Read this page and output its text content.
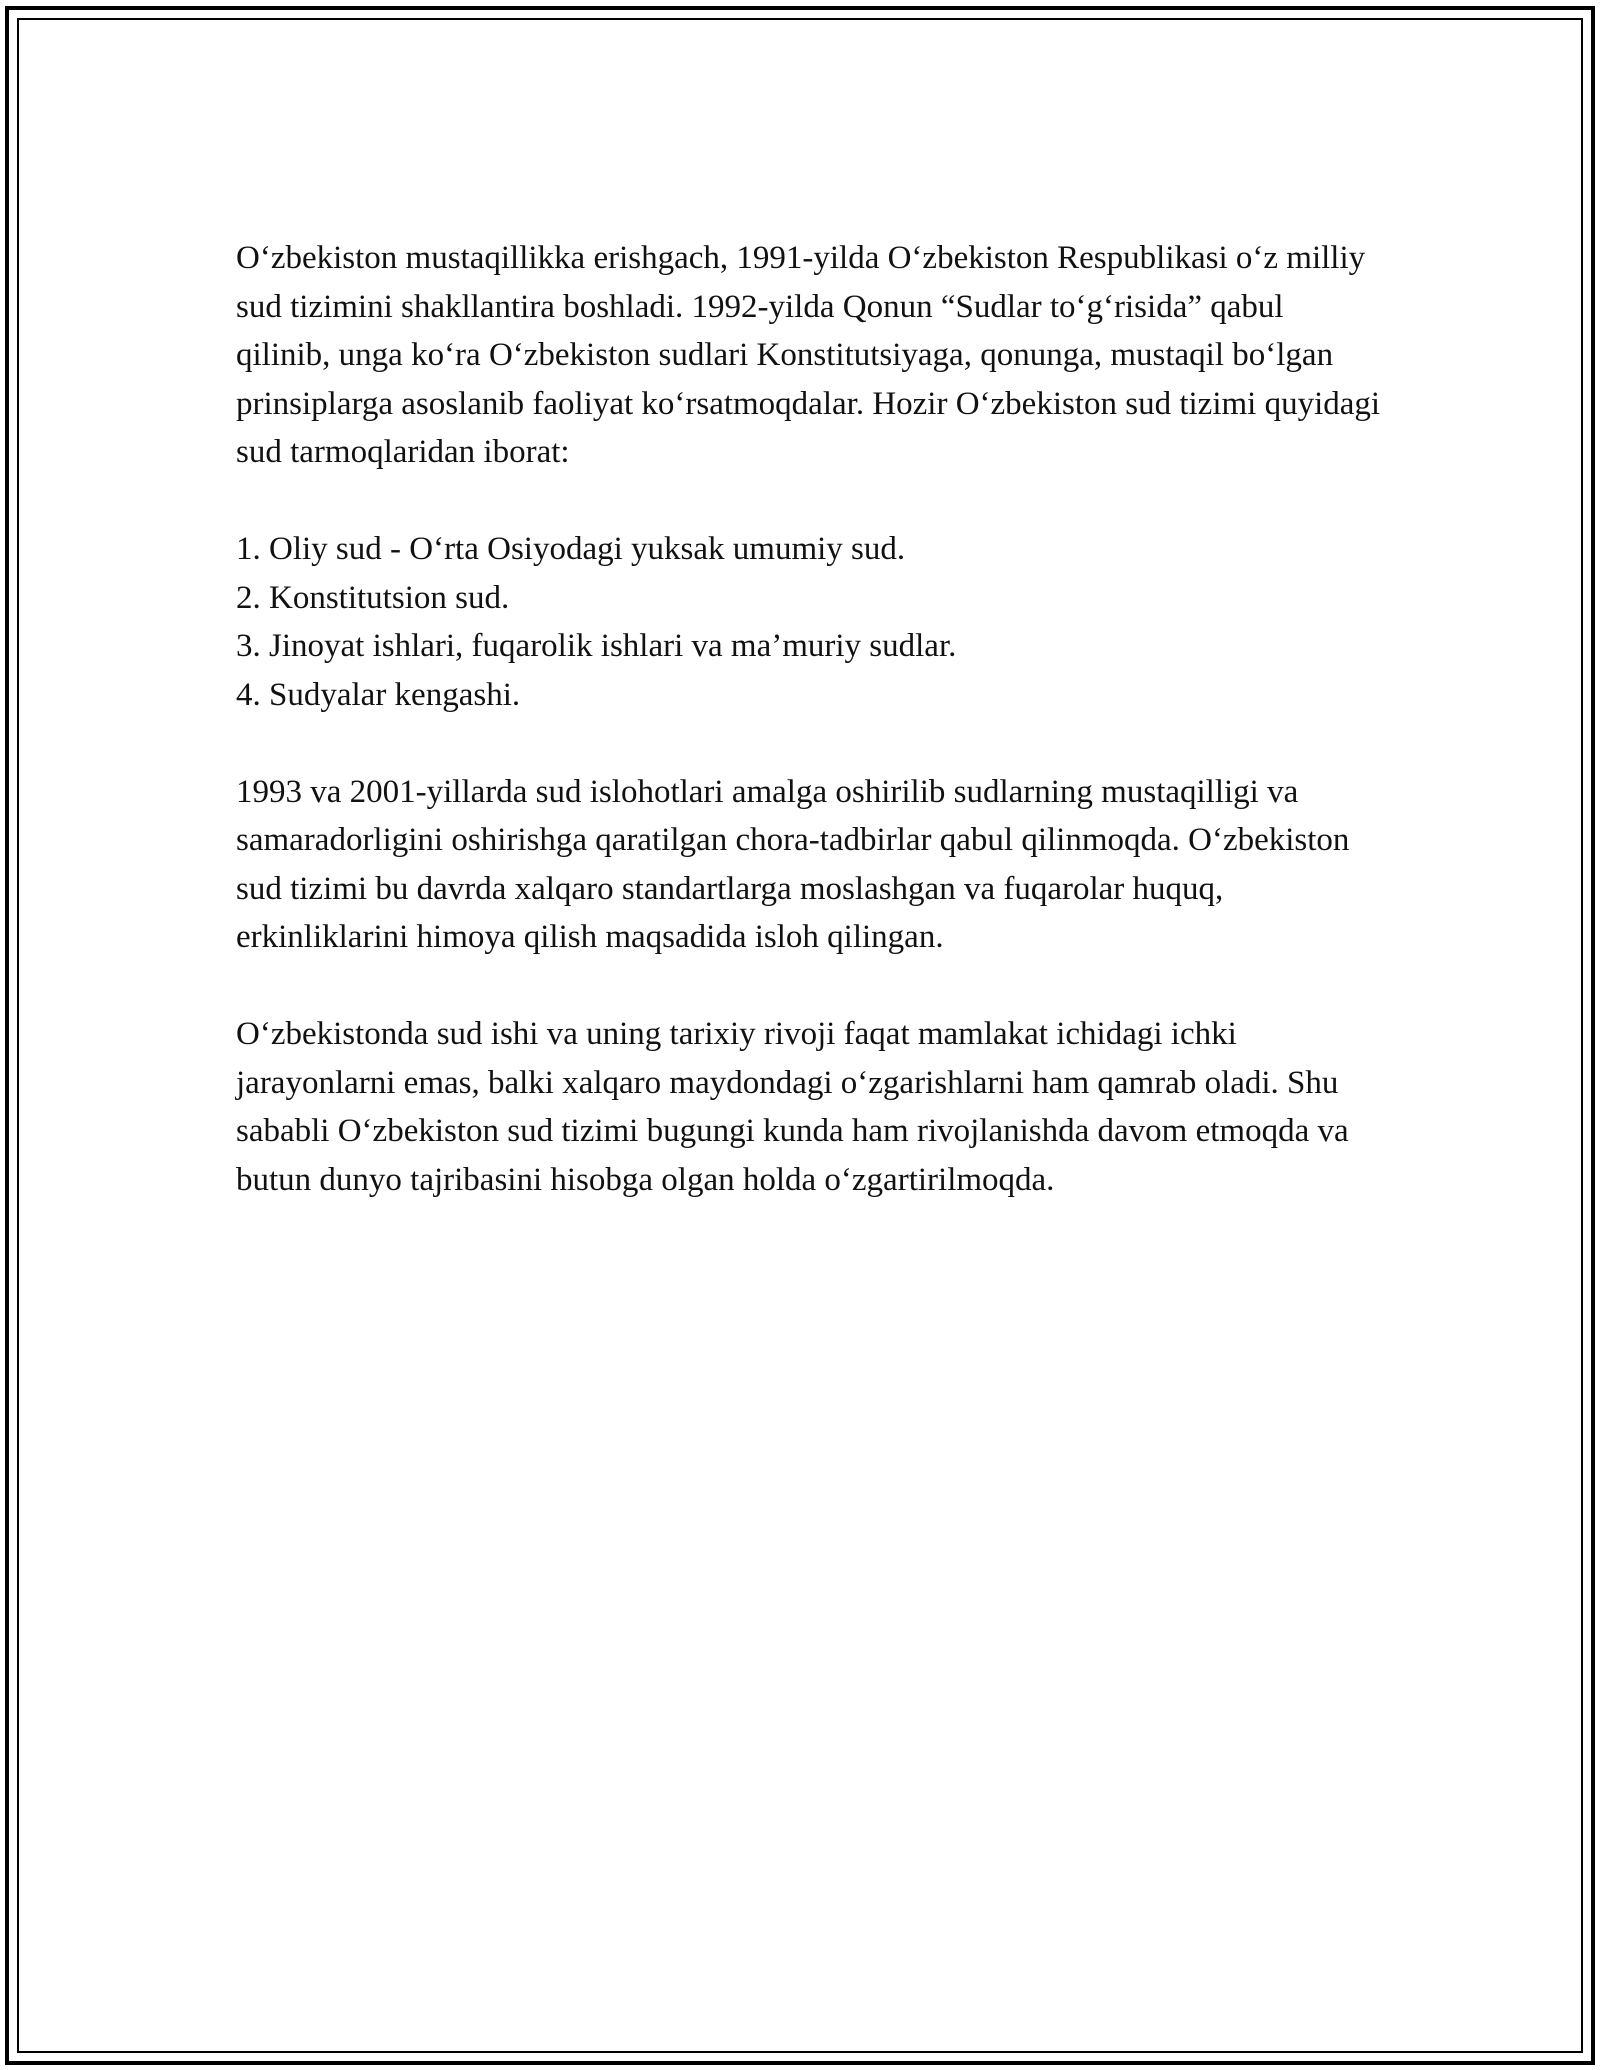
O‘zbekiston mustaqillikka erishgach, 1991-yilda O‘zbekiston Respublikasi o‘z milliy sud tizimini shakllantira boshladi. 1992-yilda Qonun “Sudlar to‘g‘risida” qabul qilinib, unga ko‘ra O‘zbekiston sudlari Konstitutsiyaga, qonunga, mustaqil bo‘lgan prinsiplarga asoslanib faoliyat ko‘rsatmoqdalar. Hozir O‘zbekiston sud tizimi quyidagi sud tarmoqlaridan iborat:

1. Oliy sud - O‘rta Osiyodagi yuksak umumiy sud.
2. Konstitutsion sud.
3. Jinoyat ishlari, fuqarolik ishlari va ma’muriy sudlar.
4. Sudyalar kengashi.

1993 va 2001-yillarda sud islohotlari amalga oshirilib sudlarning mustaqilligi va samaradorligini oshirishga qaratilgan chora-tadbirlar qabul qilinmoqda. O‘zbekiston sud tizimi bu davrda xalqaro standartlarga moslashgan va fuqarolar huquq, erkinliklarini himoya qilish maqsadida isloh qilingan.

O‘zbekistonda sud ishi va uning tarixiy rivoji faqat mamlakat ichidagi ichki jarayonlarni emas, balki xalqaro maydondagi o‘zgarishlarni ham qamrab oladi. Shu sababli O‘zbekiston sud tizimi bugungi kunda ham rivojlanishda davom etmoqda va butun dunyo tajribasini hisobga olgan holda o‘zgartirilmoqda.
